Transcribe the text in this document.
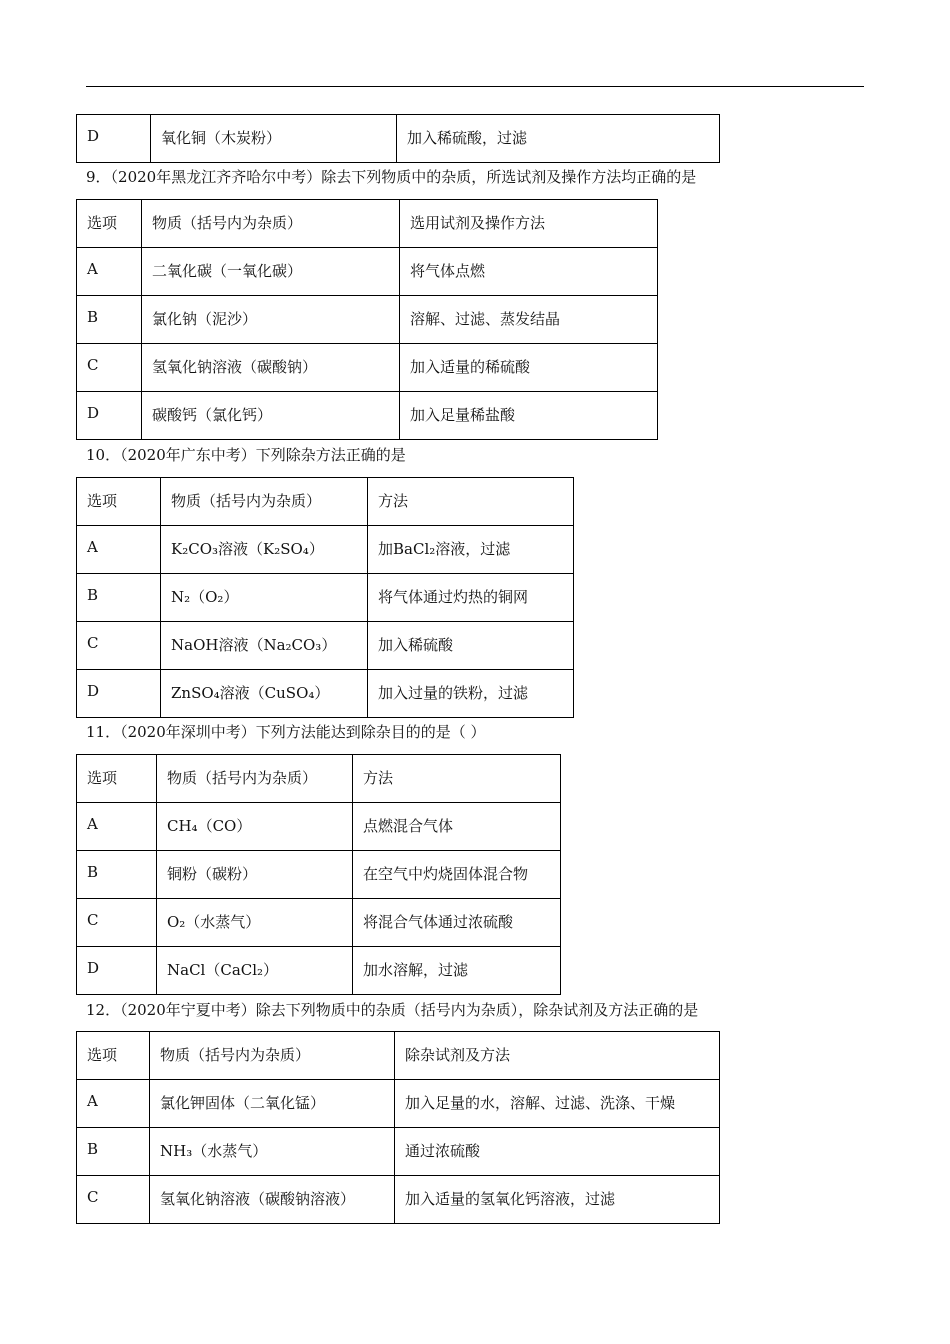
D	氧化铜（木炭粉）	加入稀硫酸，过滤
9．（2020年黑龙江齐齐哈尔中考）除去下列物质中的杂质，所选试剂及操作方法均正确的是
选项	物质（括号内为杂质）	选用试剂及操作方法
A	二氧化碳（一氧化碳）	将气体点燃
B	氯化钠（泥沙）	溶解、过滤、蒸发结晶
C	氢氧化钠溶液（碳酸钠）	加入适量的稀硫酸
D	碳酸钙（氯化钙）	加入足量稀盐酸
10．（2020年广东中考）下列除杂方法正确的是
选项	物质（括号内为杂质）	方法
A	K₂CO₃溶液（K₂SO₄）	加BaCl₂溶液，过滤
B	N₂（O₂）	将气体通过灼热的铜网
C	NaOH溶液（Na₂CO₃）	加入稀硫酸
D	ZnSO₄溶液（CuSO₄）	加入过量的铁粉，过滤
11．（2020年深圳中考）下列方法能达到除杂目的的是（ ）
选项	物质（括号内为杂质）	方法
A	CH₄（CO）	点燃混合气体
B	铜粉（碳粉）	在空气中灼烧固体混合物
C	O₂（水蒸气）	将混合气体通过浓硫酸
D	NaCl（CaCl₂）	加水溶解，过滤
12．（2020年宁夏中考）除去下列物质中的杂质（括号内为杂质），除杂试剂及方法正确的是
选项	物质（括号内为杂质）	除杂试剂及方法
A	氯化钾固体（二氧化锰）	加入足量的水，溶解、过滤、洗涤、干燥
B	NH₃（水蒸气）	通过浓硫酸
C	氢氧化钠溶液（碳酸钠溶液）	加入适量的氢氧化钙溶液，过滤
